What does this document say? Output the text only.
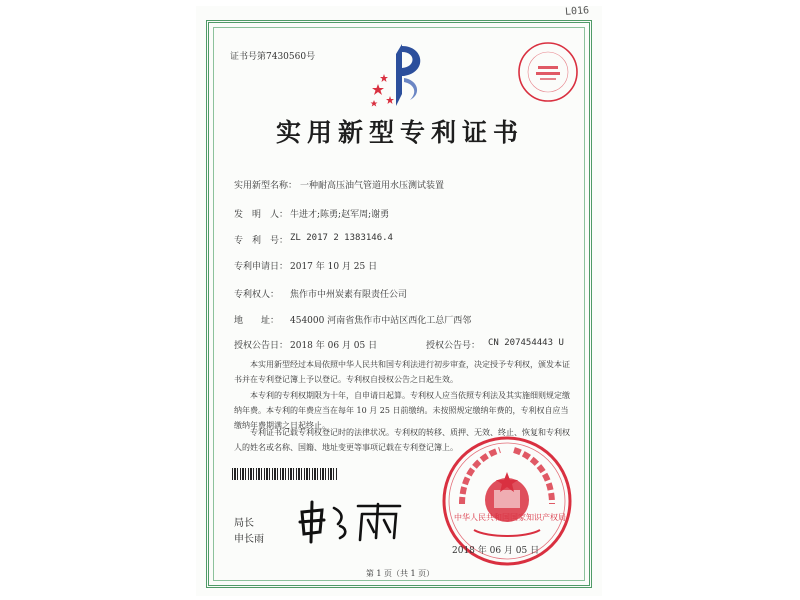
L016
证书号第7430560号
实用新型专利证书
实用新型名称： 一种耐高压油气管道用水压测试装置
发　明　人： 牛进才;陈勇;赵军周;谢勇
专　利　号： ZL 2017 2 1383146.4
专利申请日： 2017 年 10 月 25 日
专利权人： 焦作市中州炭素有限责任公司
地　　址： 454000 河南省焦作市中站区西化工总厂西邻
授权公告日： 2018 年 06 月 05 日	授权公告号： CN 207454443 U
本实用新型经过本局依照中华人民共和国专利法进行初步审查，决定授予专利权，颁发本证书并在专利登记簿上予以登记。专利权自授权公告之日起生效。
本专利的专利权期限为十年，自申请日起算。专利权人应当依照专利法及其实施细则规定缴纳年费。本专利的年费应当在每年 10 月 25 日前缴纳。未按照规定缴纳年费的，专利权自应当缴纳年费期满之日起终止。
专利证书记载专利权登记时的法律状况。专利权的转移、质押、无效、终止、恢复和专利权人的姓名或名称、国籍、地址变更等事项记载在专利登记簿上。
局长
申长雨
中华人民共和国国家知识产权局
2018 年 06 月 05 日
第 1 页（共 1 页）
